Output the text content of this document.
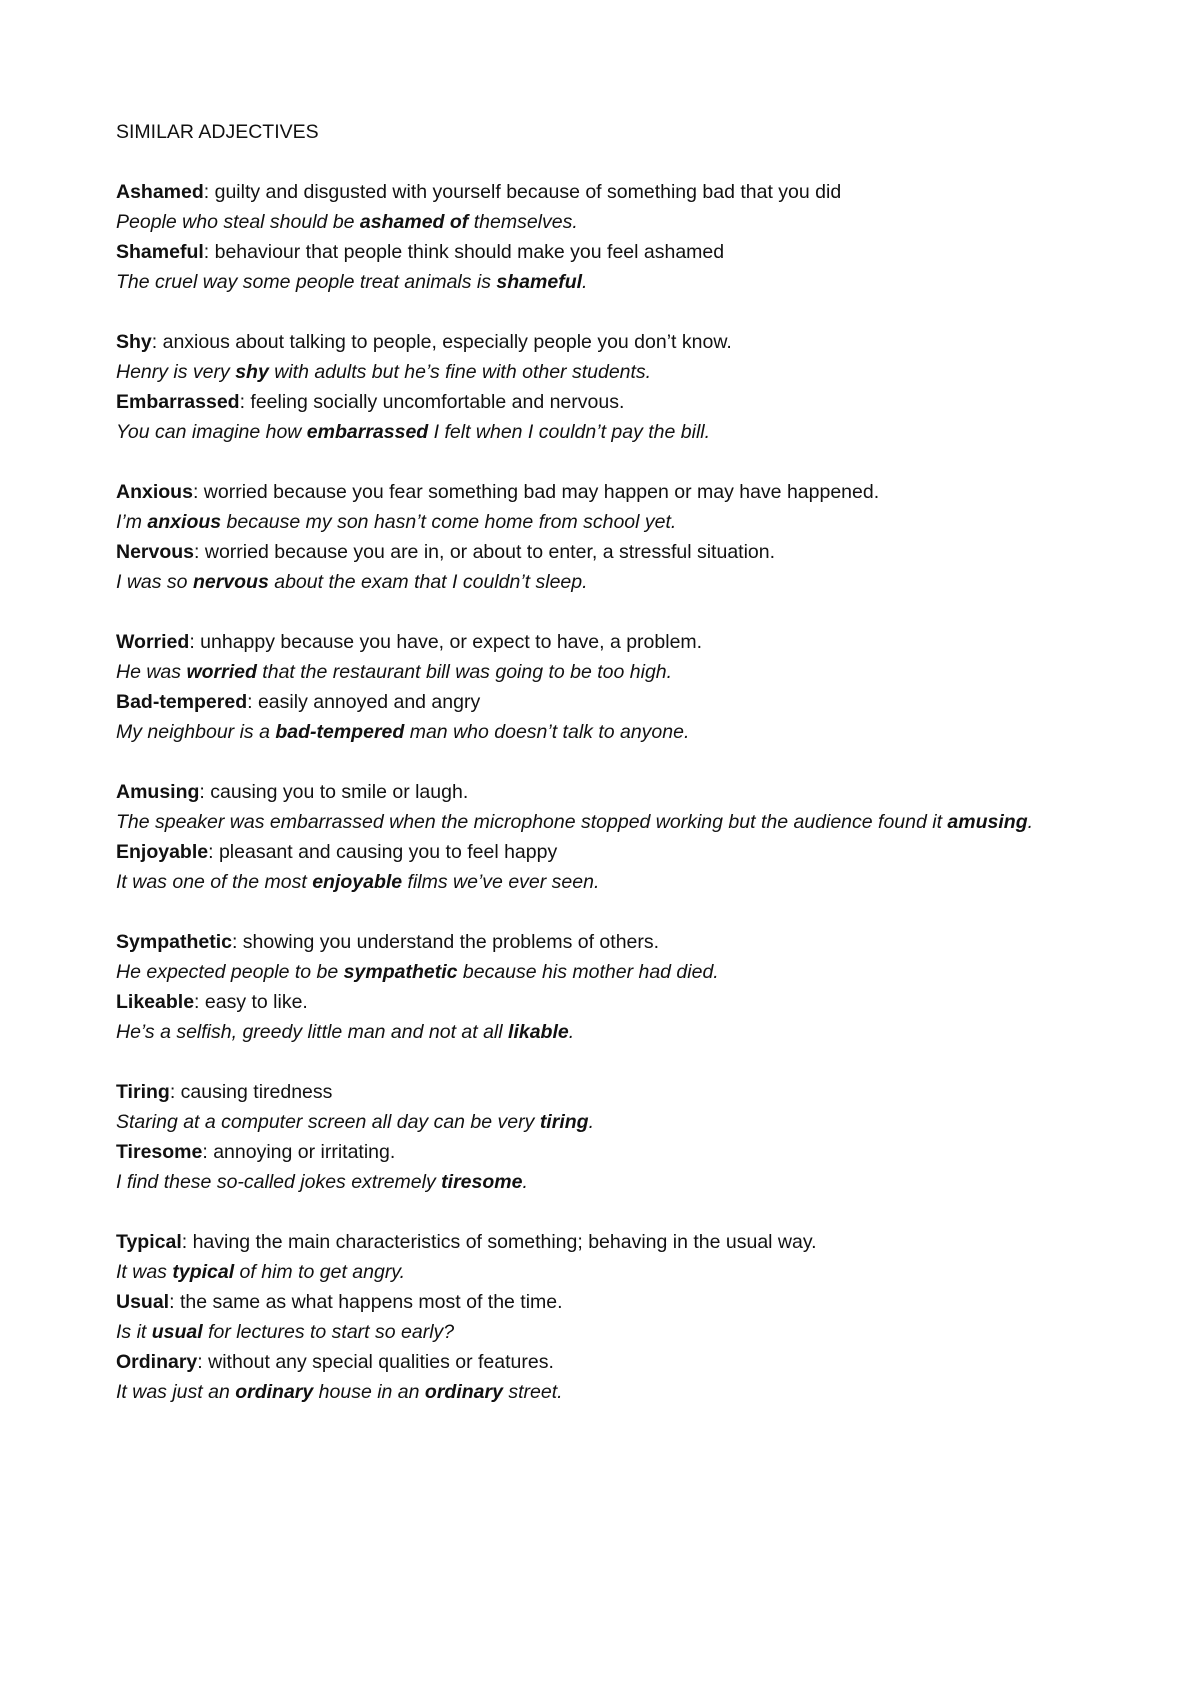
SIMILAR ADJECTIVES

Ashamed: guilty and disgusted with yourself because of something bad that you did

People who steal should be ashamed of themselves.

Shameful: behaviour that people think should make you feel ashamed

The cruel way some people treat animals is shameful.

Shy: anxious about talking to people, especially people you don’t know.

Henry is very shy with adults but he’s fine with other students.

Embarrassed: feeling socially uncomfortable and nervous.

You can imagine how embarrassed I felt when I couldn’t pay the bill.

Anxious: worried because you fear something bad may happen or may have happened.

I’m anxious because my son hasn’t come home from school yet.

Nervous: worried because you are in, or about to enter, a stressful situation.

I was so nervous about the exam that I couldn’t sleep.

Worried: unhappy because you have, or expect to have, a problem.

He was worried that the restaurant bill was going to be too high.

Bad-tempered: easily annoyed and angry

My neighbour is a bad-tempered man who doesn’t talk to anyone.

Amusing: causing you to smile or laugh.

The speaker was embarrassed when the microphone stopped working but the audience found it amusing.

Enjoyable: pleasant and causing you to feel happy

It was one of the most enjoyable films we’ve ever seen.

Sympathetic: showing you understand the problems of others.

He expected people to be sympathetic because his mother had died.

Likeable: easy to like.

He’s a selfish, greedy little man and not at all likable.

Tiring: causing tiredness

Staring at a computer screen all day can be very tiring.

Tiresome: annoying or irritating.

I find these so-called jokes extremely tiresome.

Typical: having the main characteristics of something; behaving in the usual way.

It was typical of him to get angry.

Usual: the same as what happens most of the time.

Is it usual for lectures to start so early?

Ordinary: without any special qualities or features.

It was just an ordinary house in an ordinary street.
